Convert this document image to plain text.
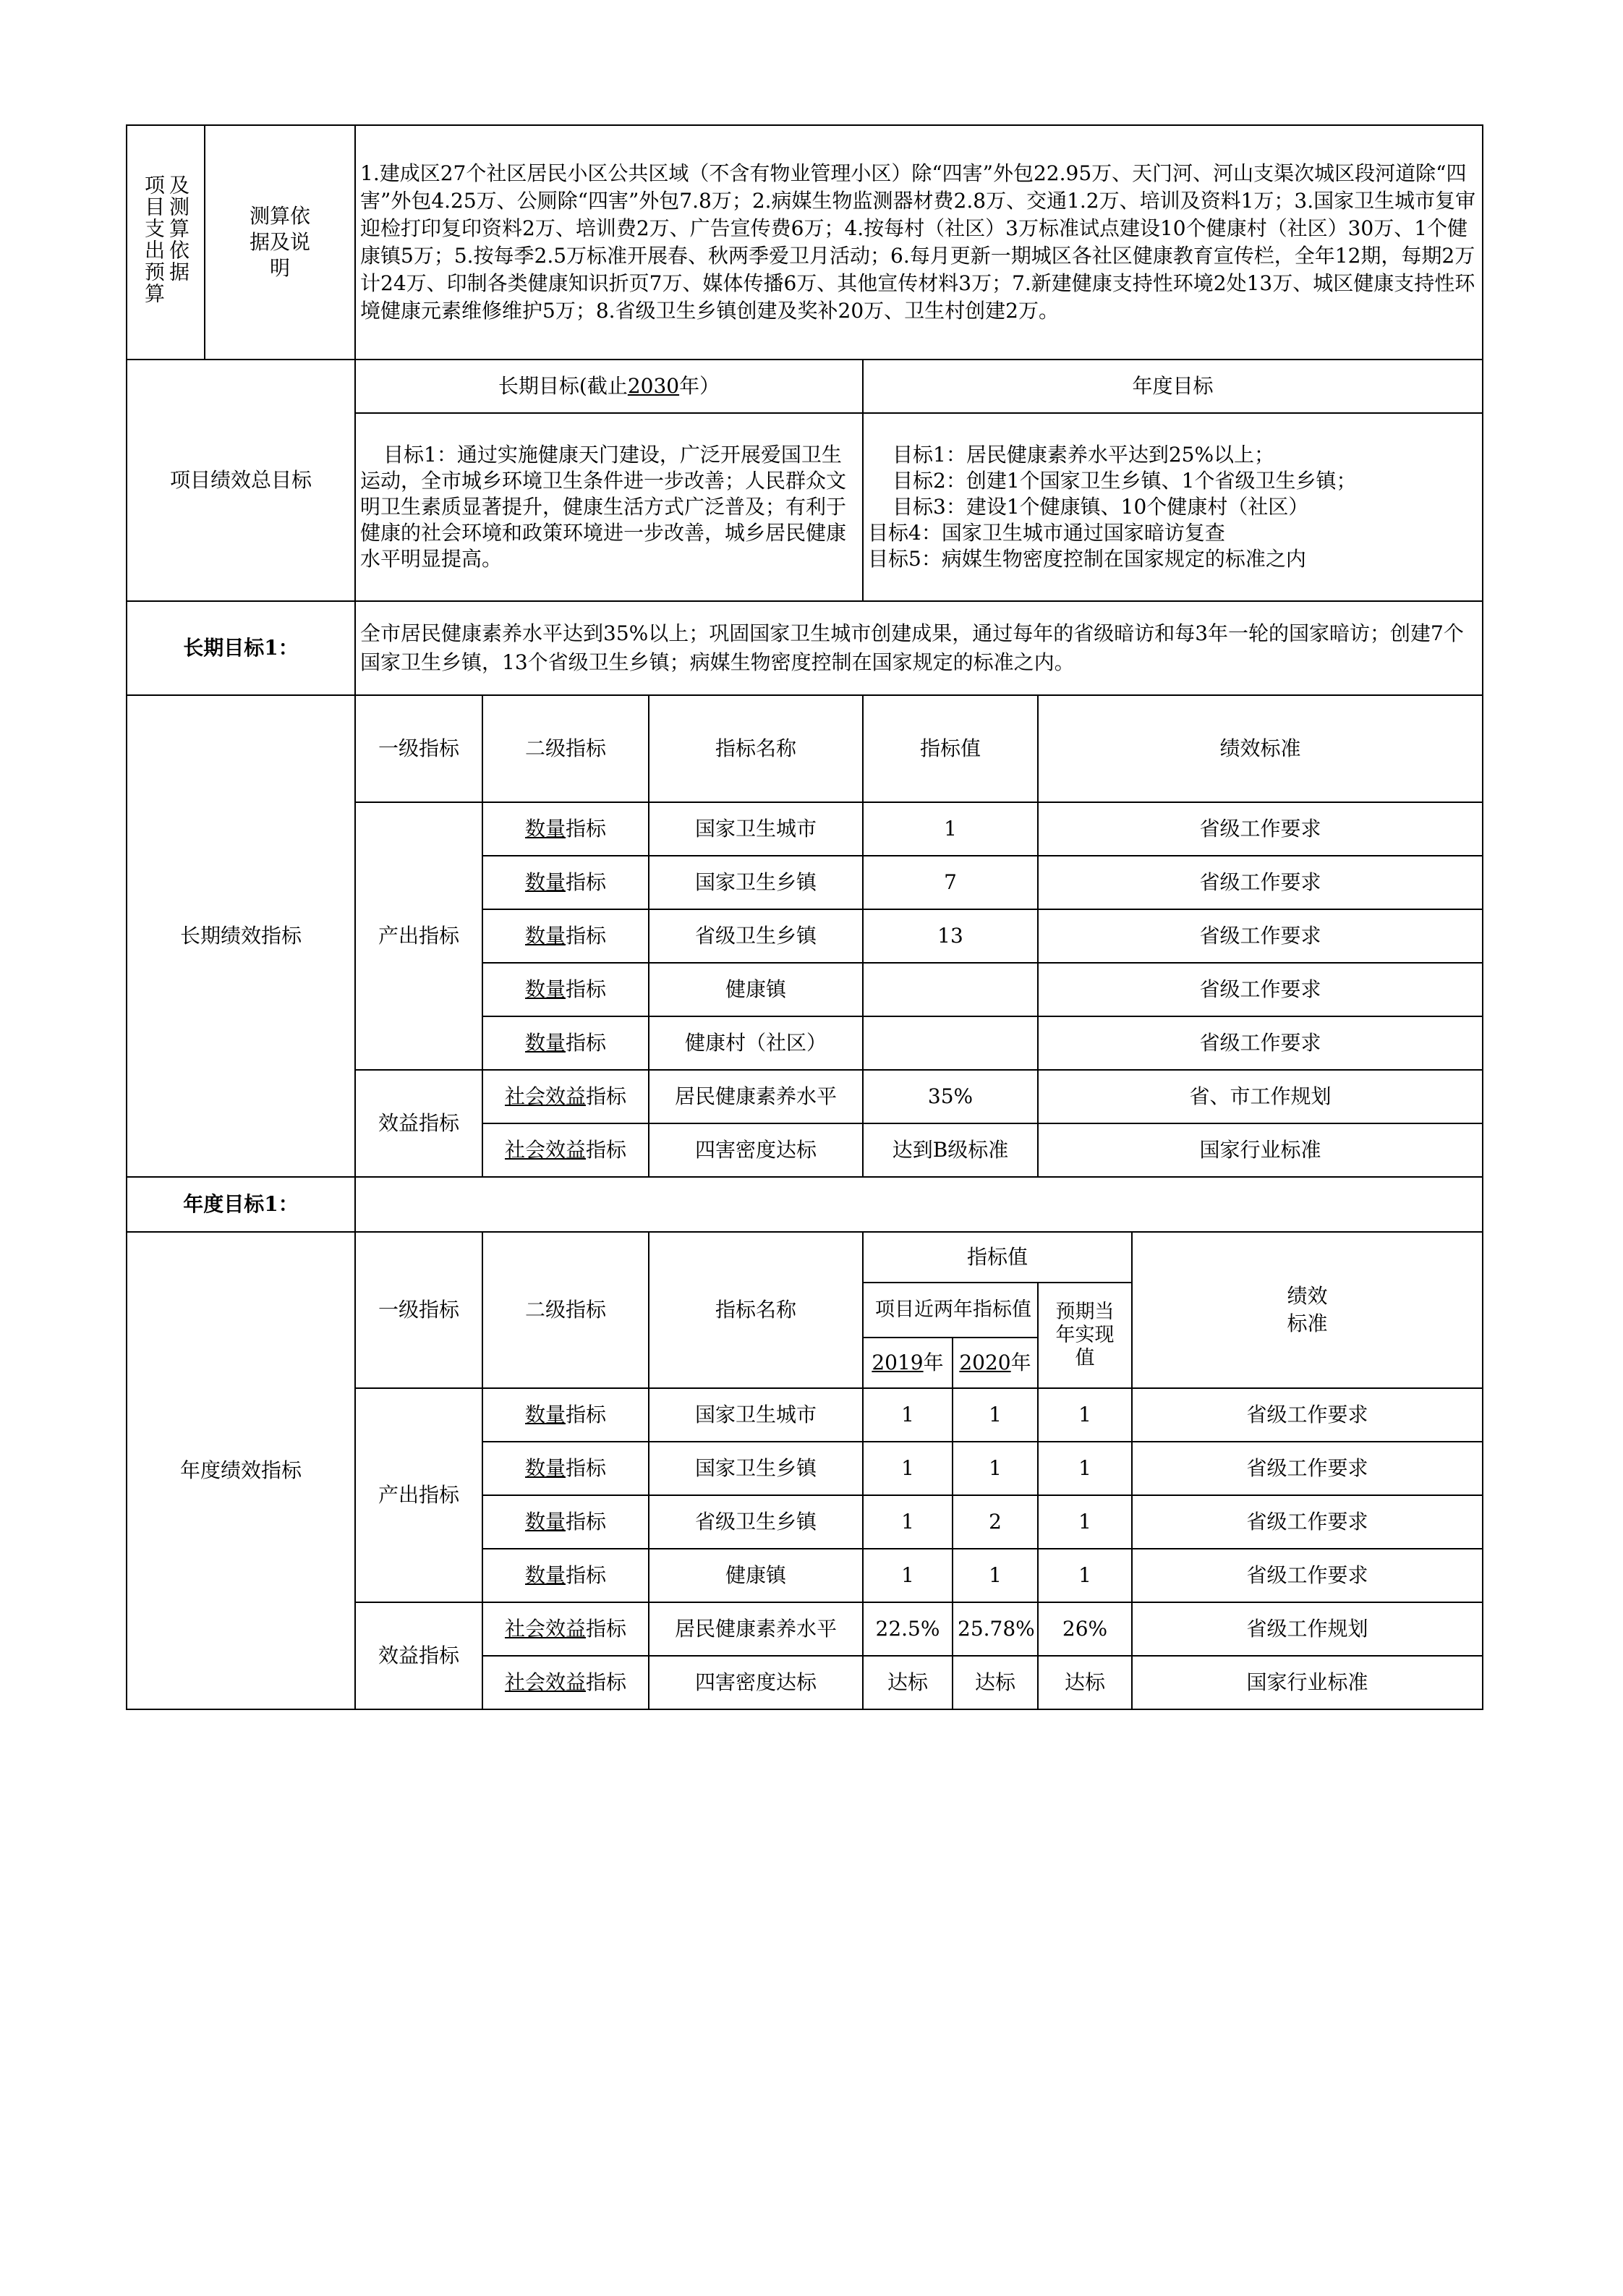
项目支出预算及测算依据	测算依据及说明	1.建成区27个社区居民小区公共区域（不含有物业管理小区）除“四害”外包22.95万、天门河、河山支渠次城区段河道除“四害”外包4.25万、公厕除“四害”外包7.8万；2.病媒生物监测器材费2.8万、交通1.2万、培训及资料1万；3.国家卫生城市复审迎检打印复印资料2万、培训费2万、广告宣传费6万；4.按每村（社区）3万标准试点建设10个健康村（社区）30万、1个健康镇5万；5.按每季2.5万标准开展春、秋两季爱卫月活动；6.每月更新一期城区各社区健康教育宣传栏，全年12期，每期2万计24万、印制各类健康知识折页7万、媒体传播6万、其他宣传材料3万；7.新建健康支持性环境2处13万、城区健康支持性环境健康元素维修维护5万；8.省级卫生乡镇创建及奖补20万、卫生村创建2万。						
项目绩效总目标		长期目标(截止2030年）			年度目标			
		目标1：通过实施健康天门建设，广泛开展爱国卫生运动，全市城乡环境卫生条件进一步改善；人民群众文明卫生素质显著提升，健康生活方式广泛普及；有利于健康的社会环境和政策环境进一步改善，城乡居民健康水平明显提高。			目标1：居民健康素养水平达到25%以上；
目标2：创建1个国家卫生乡镇、1个省级卫生乡镇；
目标3：建设1个健康镇、10个健康村（社区）
目标4：国家卫生城市通过国家暗访复查
目标5：病媒生物密度控制在国家规定的标准之内			

长期目标1：		全市居民健康素养水平达到35%以上；巩固国家卫生城市创建成果，通过每年的省级暗访和每3年一轮的国家暗访；创建7个国家卫生乡镇，13个省级卫生乡镇；病媒生物密度控制在国家规定的标准之内。						
长期绩效指标		一级指标	二级指标	指标名称	指标值		绩效标准	
		产出指标	数量指标	国家卫生城市	1		省级工作要求	
			数量指标	国家卫生乡镇	7		省级工作要求	
			数量指标	省级卫生乡镇	13		省级工作要求	
			数量指标	健康镇			省级工作要求	
			数量指标	健康村（社区）			省级工作要求	
		效益指标	社会效益指标	居民健康素养水平	35%		省、市工作规划	
			社会效益指标	四害密度达标	达到B级标准		国家行业标准	
年度目标1：								
年度绩效指标		一级指标	二级指标	指标名称	指标值			绩效标准
					项目近两年指标值		预期当年实现值	
					2019年	2020年		
		产出指标	数量指标	国家卫生城市	1	1	1	省级工作要求
			数量指标	国家卫生乡镇	1	1	1	省级工作要求
			数量指标	省级卫生乡镇	1	2	1	省级工作要求
			数量指标	健康镇	1	1	1	省级工作要求
		效益指标	社会效益指标	居民健康素养水平	22.5%	25.78%	26%	省级工作规划
			社会效益指标	四害密度达标	达标	达标	达标	国家行业标准
